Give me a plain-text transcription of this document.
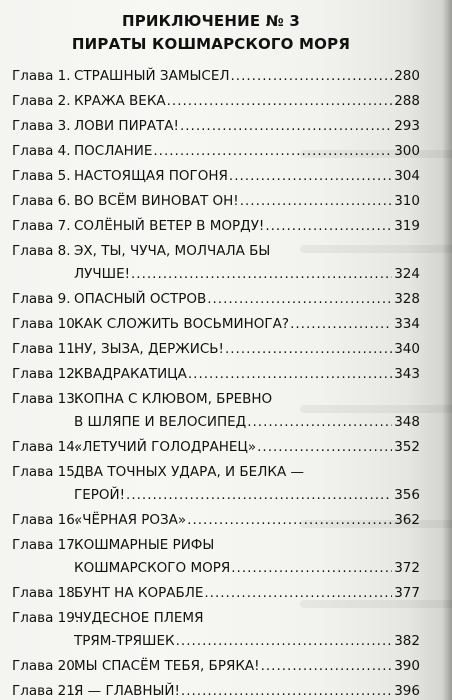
ПРИКЛЮЧЕНИЕ № 3
ПИРАТЫ КОШМАРСКОГО МОРЯ
Глава 1. СТРАШНЫЙ ЗАМЫСЕЛ .....	280
Глава 2. КРАЖА ВЕКА .....	288
Глава 3. ЛОВИ ПИРАТА! .....	293
Глава 4. ПОСЛАНИЕ .....	300
Глава 5. НАСТОЯЩАЯ ПОГОНЯ .....	304
Глава 6. ВО ВСЁМ ВИНОВАТ ОН! .....	310
Глава 7. СОЛЁНЫЙ ВЕТЕР В МОРДУ! .....	319
Глава 8. ЭХ, ТЫ, ЧУЧА, МОЛЧАЛА БЫ
ЛУЧШЕ! .....	324
Глава 9. ОПАСНЫЙ ОСТРОВ .....	328
Глава 10.
КАК СЛОЖИТЬ ВОСЬМИНОГА? .....	334
Глава 11.
НУ, ЗЫЗА, ДЕРЖИСЬ! .....	340
Глава 12.
КВАДРАКАТИЦА .....	343
Глава 13.
КОПНА С КЛЮВОМ, БРЕВНО
В ШЛЯПЕ И ВЕЛОСИПЕД .....	348
Глава 14.
«ЛЕТУЧИЙ ГОЛОДРАНЕЦ» .....	352
Глава 15.
ДВА ТОЧНЫХ УДАРА, И БЕЛКА —
ГЕРОЙ! .....	356
Глава 16.
«ЧЁРНАЯ РОЗА» .....	362
Глава 17.
КОШМАРНЫЕ РИФЫ
КОШМАРСКОГО МОРЯ .....	372
Глава 18.
БУНТ НА КОРАБЛЕ .....	377
Глава 19.
ЧУДЕСНОЕ ПЛЕМЯ
ТРЯМ-ТРЯШЕК .....	382
Глава 20.
МЫ СПАСЁМ ТЕБЯ, БРЯКА! .....	390
Глава 21.
Я — ГЛАВНЫЙ! .....	396
